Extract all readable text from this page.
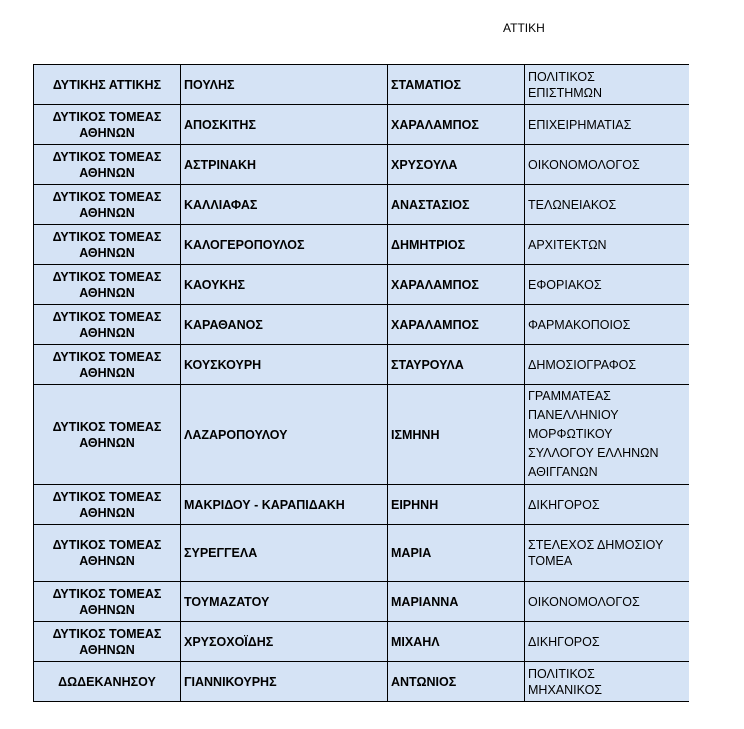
ΑΤΤΙΚΗ
ΔΥΤΙΚΗΣ ΑΤΤΙΚΗΣ	ΠΟΥΛΗΣ	ΣΤΑΜΑΤΙΟΣ	ΠΟΛΙΤΙΚΟΣ
ΕΠΙΣΤΗΜΩΝ
ΔΥΤΙΚΟΣ ΤΟΜΕΑΣ
ΑΘΗΝΩΝ	ΑΠΟΣΚΙΤΗΣ	ΧΑΡΑΛΑΜΠΟΣ	ΕΠΙΧΕΙΡΗΜΑΤΙΑΣ
ΔΥΤΙΚΟΣ ΤΟΜΕΑΣ
ΑΘΗΝΩΝ	ΑΣΤΡΙΝΑΚΗ	ΧΡΥΣΟΥΛΑ	ΟΙΚΟΝΟΜΟΛΟΓΟΣ
ΔΥΤΙΚΟΣ ΤΟΜΕΑΣ
ΑΘΗΝΩΝ	ΚΑΛΛΙΑΦΑΣ	ΑΝΑΣΤΑΣΙΟΣ	ΤΕΛΩΝΕΙΑΚΟΣ
ΔΥΤΙΚΟΣ ΤΟΜΕΑΣ
ΑΘΗΝΩΝ	ΚΑΛΟΓΕΡΟΠΟΥΛΟΣ	ΔΗΜΗΤΡΙΟΣ	ΑΡΧΙΤΕΚΤΩΝ
ΔΥΤΙΚΟΣ ΤΟΜΕΑΣ
ΑΘΗΝΩΝ	ΚΑΟΥΚΗΣ	ΧΑΡΑΛΑΜΠΟΣ	ΕΦΟΡΙΑΚΟΣ
ΔΥΤΙΚΟΣ ΤΟΜΕΑΣ
ΑΘΗΝΩΝ	ΚΑΡΑΘΑΝΟΣ	ΧΑΡΑΛΑΜΠΟΣ	ΦΑΡΜΑΚΟΠΟΙΟΣ
ΔΥΤΙΚΟΣ ΤΟΜΕΑΣ
ΑΘΗΝΩΝ	ΚΟΥΣΚΟΥΡΗ	ΣΤΑΥΡΟΥΛΑ	ΔΗΜΟΣΙΟΓΡΑΦΟΣ
ΔΥΤΙΚΟΣ ΤΟΜΕΑΣ
ΑΘΗΝΩΝ	ΛΑΖΑΡΟΠΟΥΛΟΥ	ΙΣΜΗΝΗ	ΓΡΑΜΜΑΤΕΑΣ
ΠΑΝΕΛΛΗΝΙΟΥ
ΜΟΡΦΩΤΙΚΟΥ
ΣΥΛΛΟΓΟΥ ΕΛΛΗΝΩΝ
ΑΘΙΓΓΑΝΩΝ
ΔΥΤΙΚΟΣ ΤΟΜΕΑΣ
ΑΘΗΝΩΝ	ΜΑΚΡΙΔΟΥ - ΚΑΡΑΠΙΔΑΚΗ	ΕΙΡΗΝΗ	ΔΙΚΗΓΟΡΟΣ
ΔΥΤΙΚΟΣ ΤΟΜΕΑΣ
ΑΘΗΝΩΝ	ΣΥΡΕΓΓΕΛΑ	ΜΑΡΙΑ	ΣΤΕΛΕΧΟΣ ΔΗΜΟΣΙΟΥ
ΤΟΜΕΑ
ΔΥΤΙΚΟΣ ΤΟΜΕΑΣ
ΑΘΗΝΩΝ	ΤΟΥΜΑΖΑΤΟΥ	ΜΑΡΙΑΝΝΑ	ΟΙΚΟΝΟΜΟΛΟΓΟΣ
ΔΥΤΙΚΟΣ ΤΟΜΕΑΣ
ΑΘΗΝΩΝ	ΧΡΥΣΟΧΟΪΔΗΣ	ΜΙΧΑΗΛ	ΔΙΚΗΓΟΡΟΣ
ΔΩΔΕΚΑΝΗΣΟΥ	ΓΙΑΝΝΙΚΟΥΡΗΣ	ΑΝΤΩΝΙΟΣ	ΠΟΛΙΤΙΚΟΣ
ΜΗΧΑΝΙΚΟΣ
